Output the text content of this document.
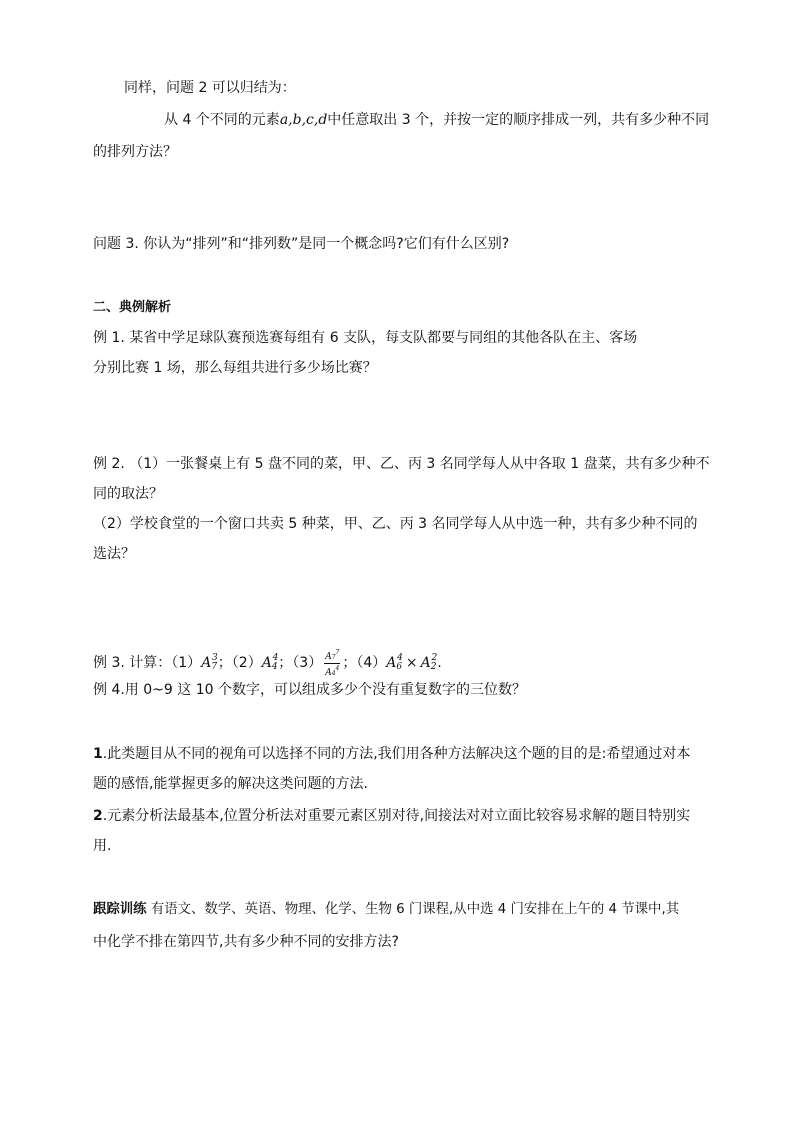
同样，问题 2 可以归结为：
从 4 个不同的元素a,b,c,d中任意取出 3 个，并按一定的顺序排成一列，共有多少种不同
的排列方法？
问题 3. 你认为“排列”和“排列数”是同一个概念吗?它们有什么区别?
二、典例解析
例 1. 某省中学足球队赛预选赛每组有 6 支队，每支队都要与同组的其他各队在主、客场
分别比赛 1 场，那么每组共进行多少场比赛？
例 2. （1）一张餐桌上有 5 盘不同的菜，甲、乙、丙 3 名同学每人从中各取 1 盘菜，共有多少种不
同的取法？
（2）学校食堂的一个窗口共卖 5 种菜，甲、乙、丙 3 名同学每人从中选一种，共有多少种不同的
选法？
例 3. 计算：$(1)A_7^3$；$(2)A_4^4$；$(3) \frac{A7^7}{A4^4}$ ；$(4)A_6^4 \times A_2^2$.
例 4.用 0~9 这 10 个数字，可以组成多少个没有重复数字的三位数？
1.此类题目从不同的视角可以选择不同的方法,我们用各种方法解决这个题的目的是:希望通过对本
题的感悟,能掌握更多的解决这类问题的方法.
2.元素分析法最基本,位置分析法对重要元素区别对待,间接法对对立面比较容易求解的题目特别实
用.
跟踪训练 有语文、数学、英语、物理、化学、生物 6 门课程,从中选 4 门安排在上午的 4 节课中,其
中化学不排在第四节,共有多少种不同的安排方法?
